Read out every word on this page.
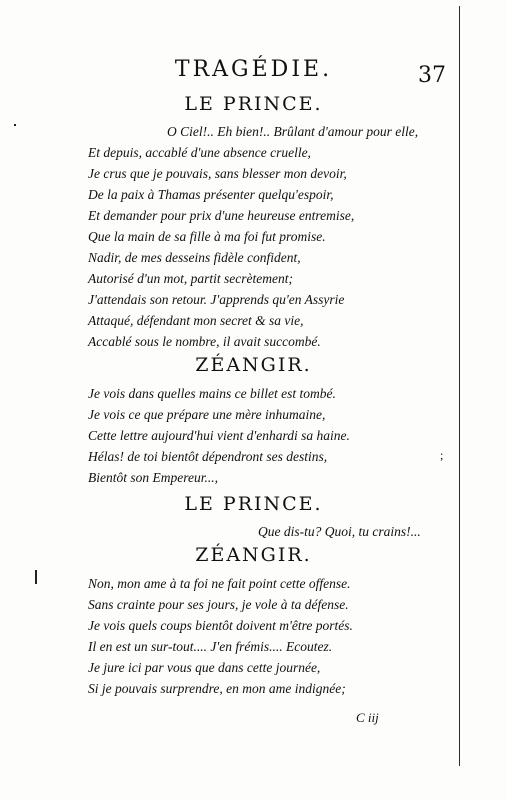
TRAGÉDIE.	37
LE PRINCE.
O Ciel!.. Eh bien!.. Brûlant d'amour pour elle,
Et depuis, accablé d'une absence cruelle,
Je crus que je pouvais, sans blesser mon devoir,
De la paix à Thamas présenter quelqu'espoir,
Et demander pour prix d'une heureuse entremise,
Que la main de sa fille à ma foi fut promise.
Nadir, de mes desseins fidèle confident,
Autorisé d'un mot, partit secrètement;
J'attendais son retour. J'apprends qu'en Assyrie
Attaqué, défendant mon secret & sa vie,
Accablé sous le nombre, il avait succombé.
ZÉANGIR.
Je vois dans quelles mains ce billet est tombé.
Je vois ce que prépare une mère inhumaine,
Cette lettre aujourd'hui vient d'enhardi sa haine.
Hélas! de toi bientôt dépendront ses destins,
Bientôt son Empereur...,
;
LE PRINCE.
Que dis-tu? Quoi, tu crains!...
ZÉANGIR.
Non, mon ame à ta foi ne fait point cette offense.
Sans crainte pour ses jours, je vole à ta défense.
Je vois quels coups bientôt doivent m'être portés.
Il en est un sur-tout.... J'en frémis.... Ecoutez.
Je jure ici par vous que dans cette journée,
Si je pouvais surprendre, en mon ame indignée;
C iij
